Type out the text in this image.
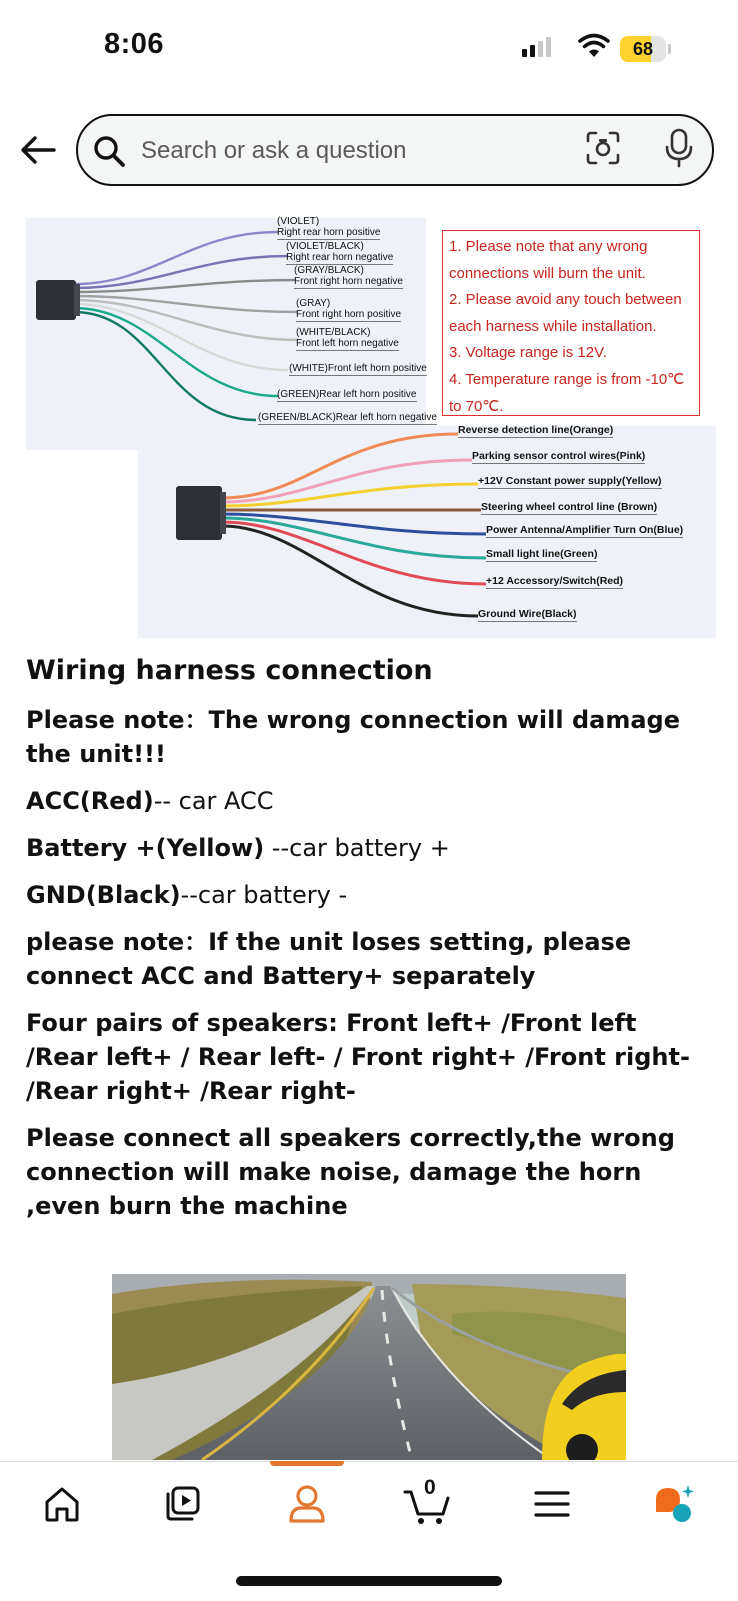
8:06	68
Search or ask a question
(VIOLET)
Right rear horn positive
(VIOLET/BLACK)
Right rear horn negative
(GRAY/BLACK)
Front right horn negative
(GRAY)
Front right horn positive
(WHITE/BLACK)
Front left horn negative
(WHITE)Front left horn positive
(GREEN)Rear left horn positive
(GREEN/BLACK)Rear left horn negative
1. Please note that any wrong
connections will burn the unit.
2. Please avoid any touch between
each harness while installation.
3. Voltage range is 12V.
4. Temperature range is from -10℃
to 70℃.
Reverse detection line(Orange)
Parking sensor control wires(Pink)
+12V Constant power supply(Yellow)
Steering wheel control line (Brown)
Power Antenna/Amplifier Turn On(Blue)
Small light line(Green)
+12 Accessory/Switch(Red)
Ground Wire(Black)
Wiring harness connection
Please note：The wrong connection will damage the unit!!!
ACC(Red)-- car ACC
Battery +(Yellow) --car battery +
GND(Black)--car battery -
please note：If the unit loses setting, please connect ACC and Battery+ separately
Four pairs of speakers: Front left+ /Front left /Rear left+ / Rear left- / Front right+ /Front right- /Rear right+ /Rear right-
Please connect all speakers correctly,the wrong connection will make noise, damage the horn ,even burn the machine
0
